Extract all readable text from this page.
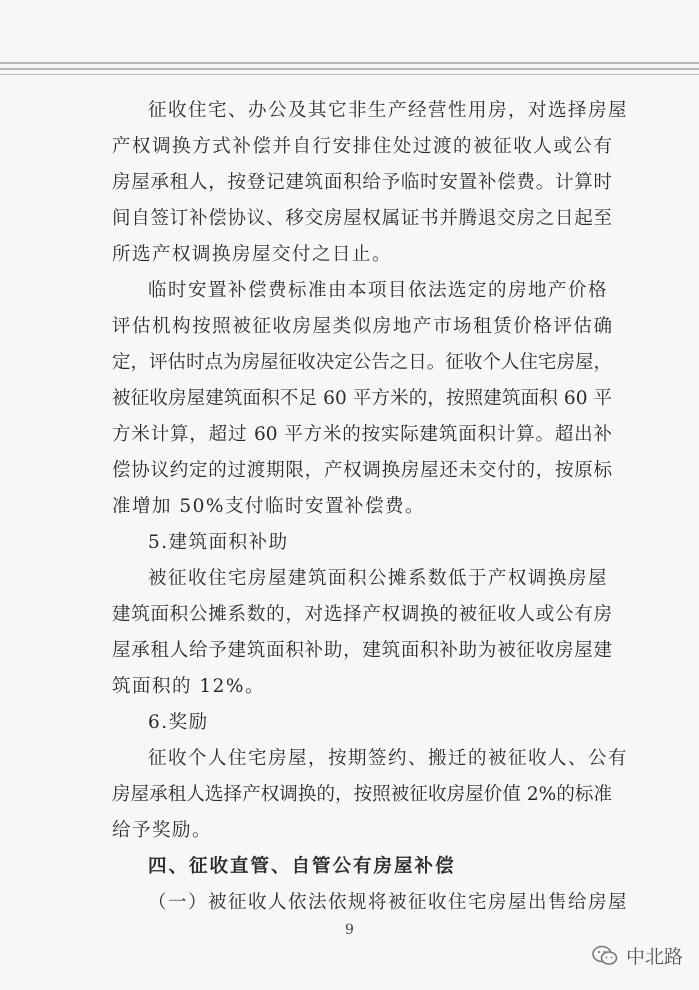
征收住宅、办公及其它非生产经营性用房，对选择房屋
产权调换方式补偿并自行安排住处过渡的被征收人或公有
房屋承租人，按登记建筑面积给予临时安置补偿费。计算时
间自签订补偿协议、移交房屋权属证书并腾退交房之日起至
所选产权调换房屋交付之日止。
临时安置补偿费标准由本项目依法选定的房地产价格
评估机构按照被征收房屋类似房地产市场租赁价格评估确
定，评估时点为房屋征收决定公告之日。征收个人住宅房屋，
被征收房屋建筑面积不足 60 平方米的，按照建筑面积 60 平
方米计算，超过 60 平方米的按实际建筑面积计算。超出补
偿协议约定的过渡期限，产权调换房屋还未交付的，按原标
准增加 50%支付临时安置补偿费。
5.建筑面积补助
被征收住宅房屋建筑面积公摊系数低于产权调换房屋
建筑面积公摊系数的，对选择产权调换的被征收人或公有房
屋承租人给予建筑面积补助，建筑面积补助为被征收房屋建
筑面积的 12%。
6.奖励
征收个人住宅房屋，按期签约、搬迁的被征收人、公有
房屋承租人选择产权调换的，按照被征收房屋价值 2%的标准
给予奖励。
四、征收直管、自管公有房屋补偿
（一）被征收人依法依规将被征收住宅房屋出售给房屋
9
中北路
